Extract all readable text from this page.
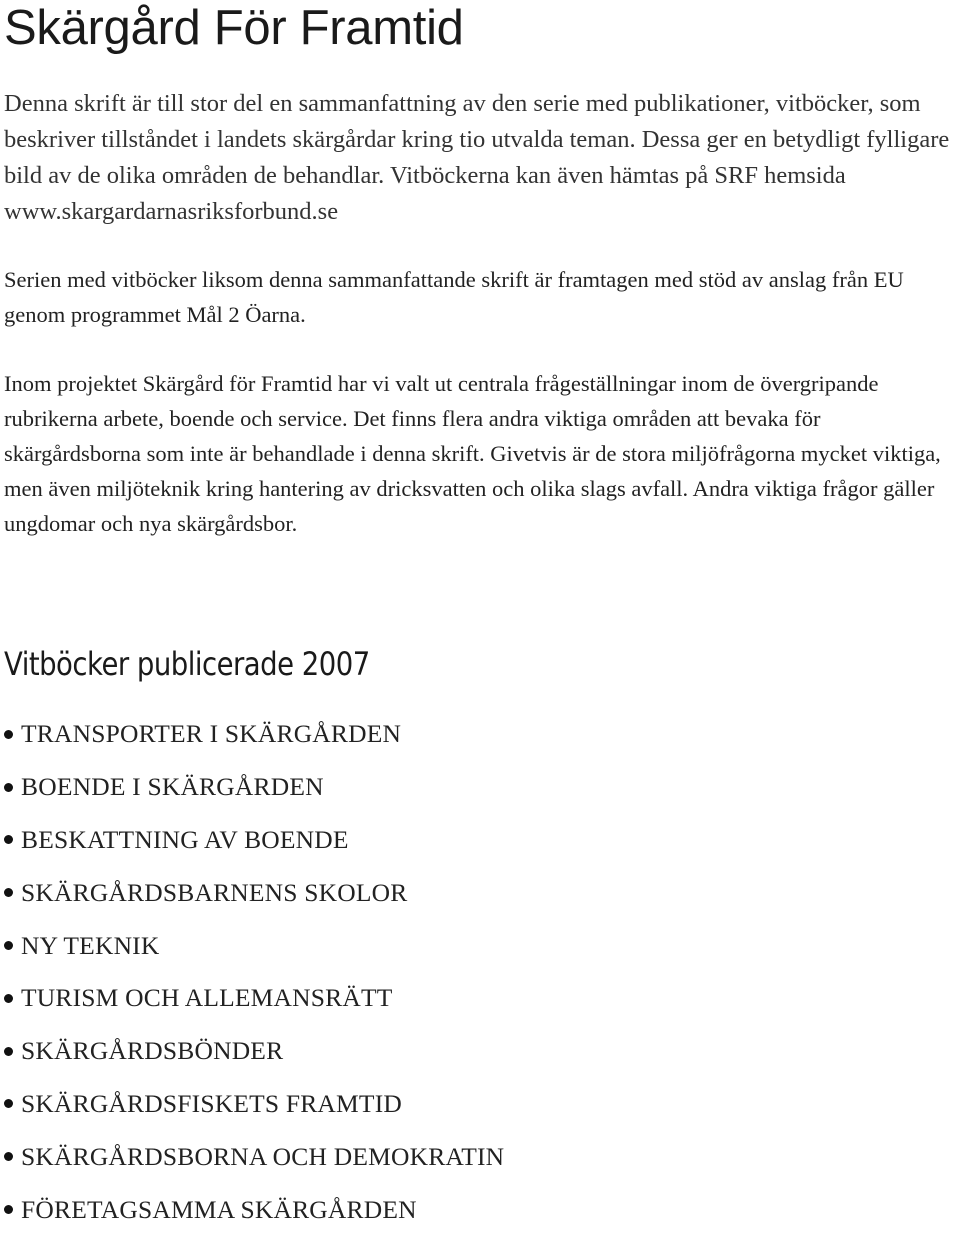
Skärgård För Framtid

Denna skrift är till stor del en sammanfattning av den serie med publikationer, vitböcker, som beskriver tillståndet i landets skärgårdar kring tio utvalda teman. Dessa ger en betydligt fylligare bild av de olika områden de behandlar. Vitböckerna kan även hämtas på SRF hemsida www.skargardarnasriksforbund.se

Serien med vitböcker liksom denna sammanfattande skrift är framtagen med stöd av anslag från EU genom programmet Mål 2 Öarna.

Inom projektet Skärgård för Framtid har vi valt ut centrala frågeställningar inom de övergripande rubrikerna arbete, boende och service. Det finns flera andra viktiga områden att bevaka för skärgårdsborna som inte är behandlade i denna skrift. Givetvis är de stora miljöfrågorna mycket viktiga, men även miljöteknik kring hantering av dricksvatten och olika slags avfall. Andra viktiga frågor gäller ungdomar och nya skärgårdsbor.

Vitböcker publicerade 2007
TRANSPORTER I SKÄRGÅRDEN
BOENDE I SKÄRGÅRDEN
BESKATTNING AV BOENDE
SKÄRGÅRDSBARNENS SKOLOR
NY TEKNIK
TURISM OCH ALLEMANSRÄTT
SKÄRGÅRDSBÖNDER
SKÄRGÅRDSFISKETS FRAMTID
SKÄRGÅRDSBORNA OCH DEMOKRATIN
FÖRETAGSAMMA SKÄRGÅRDEN
